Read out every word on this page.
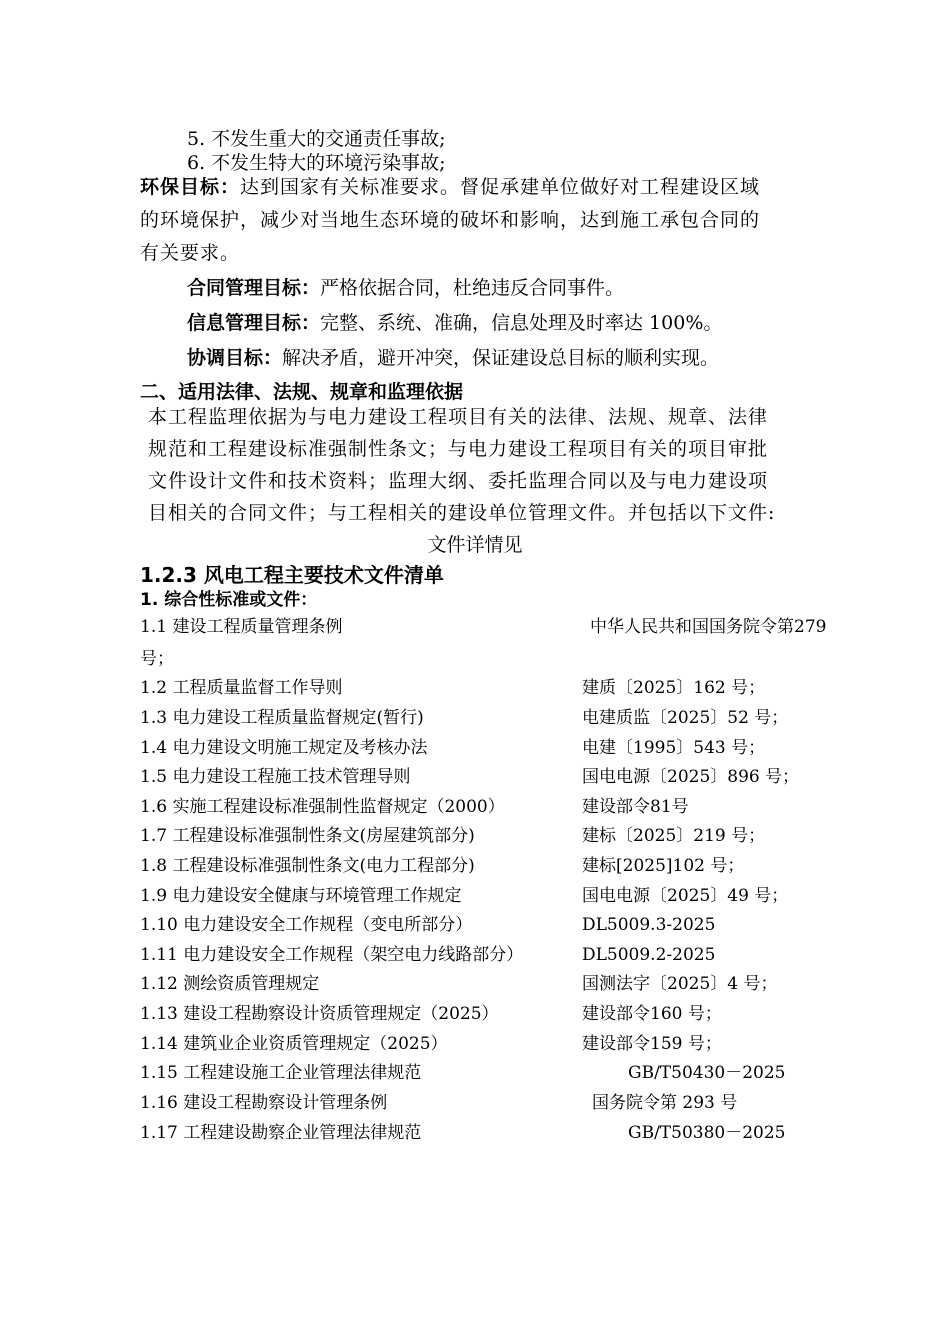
5. 不发生重大的交通责任事故;
6. 不发生特大的环境污染事故;
环保目标：达到国家有关标准要求。督促承建单位做好对工程建设区域
的环境保护，减少对当地生态环境的破坏和影响，达到施工承包合同的
有关要求。
合同管理目标：严格依据合同，杜绝违反合同事件。
信息管理目标：完整、系统、准确，信息处理及时率达 100%。
协调目标：解决矛盾，避开冲突，保证建设总目标的顺利实现。
二、适用法律、法规、规章和监理依据
本工程监理依据为与电力建设工程项目有关的法律、法规、规章、法律
规范和工程建设标准强制性条文；与电力建设工程项目有关的项目审批
文件设计文件和技术资料；监理大纲、委托监理合同以及与电力建设项
目相关的合同文件；与工程相关的建设单位管理文件。并包括以下文件:
文件详情见
1.2.3 风电工程主要技术文件清单
1. 综合性标准或文件：
1.1 建设工程质量管理条例	中华人民共和国国务院令第279
号；
1.2 工程质量监督工作导则	建质〔2025〕162 号；
1.3 电力建设工程质量监督规定(暂行)	电建质监〔2025〕52 号；
1.4 电力建设文明施工规定及考核办法	电建〔1995〕543 号；
1.5 电力建设工程施工技术管理导则	国电电源〔2025〕896 号；
1.6 实施工程建设标准强制性监督规定（2000）	建设部令81号
1.7 工程建设标准强制性条文(房屋建筑部分)	建标〔2025〕219 号；
1.8 工程建设标准强制性条文(电力工程部分)	建标[2025]102 号；
1.9 电力建设安全健康与环境管理工作规定	国电电源〔2025〕49 号；
1.10 电力建设安全工作规程（变电所部分）	DL5009.3-2025
1.11 电力建设安全工作规程（架空电力线路部分）	DL5009.2-2025
1.12 测绘资质管理规定	国测法字〔2025〕4 号；
1.13 建设工程勘察设计资质管理规定（2025）	建设部令160 号；
1.14 建筑业企业资质管理规定（2025）	建设部令159 号；
1.15 工程建设施工企业管理法律规范	GB/T50430－2025
1.16 建设工程勘察设计管理条例	国务院令第 293 号
1.17 工程建设勘察企业管理法律规范	GB/T50380－2025
